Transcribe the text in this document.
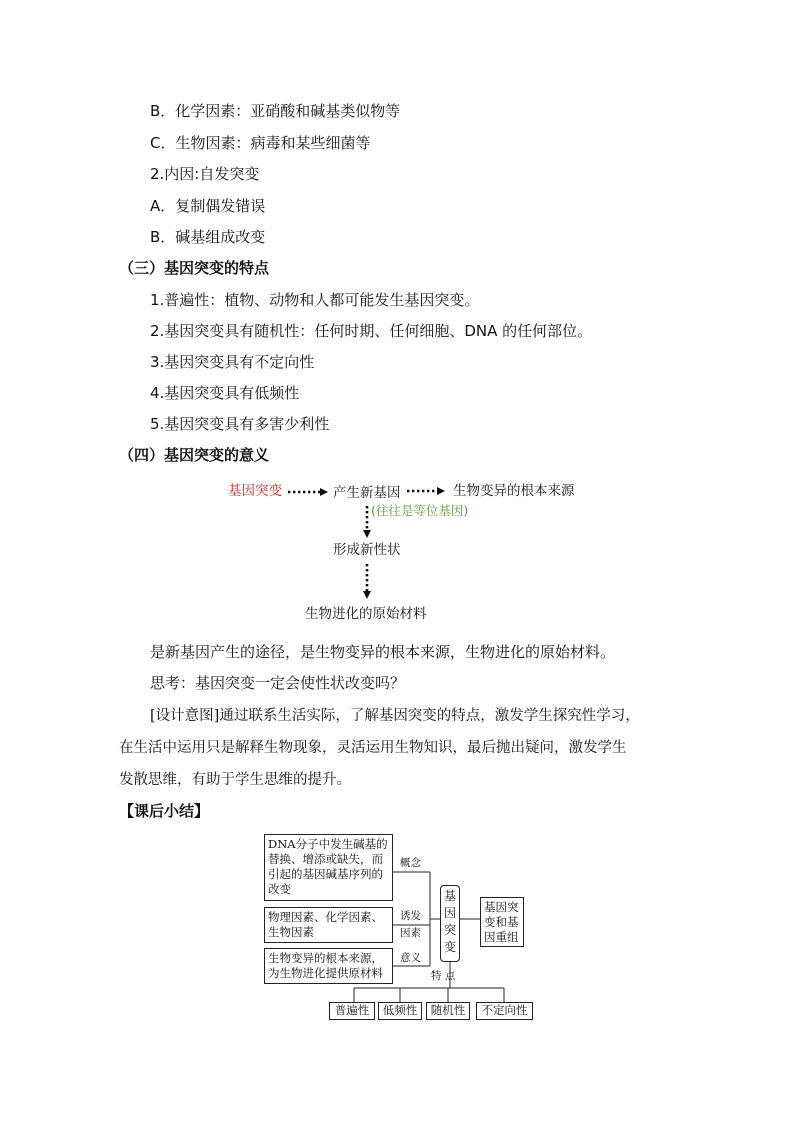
B．化学因素：亚硝酸和碱基类似物等
C．生物因素：病毒和某些细菌等
2.内因:自发突变
A．复制偶发错误
B．碱基组成改变
（三）基因突变的特点
1.普遍性：植物、动物和人都可能发生基因突变。
2.基因突变具有随机性：任何时期、任何细胞、DNA 的任何部位。
3.基因突变具有不定向性
4.基因突变具有低频性
5.基因突变具有多害少利性
（四）基因突变的意义
基因突变	产生新基因	生物变异的根本来源
(往往是等位基因)
形成新性状
生物进化的原始材料
是新基因产生的途径，是生物变异的根本来源，生物进化的原始材料。
思考：基因突变一定会使性状改变吗？
[设计意图]通过联系生活实际，了解基因突变的特点，激发学生探究性学习，
在生活中运用只是解释生物现象，灵活运用生物知识，最后抛出疑问，激发学生
发散思维，有助于学生思维的提升。
【课后小结】
DNA分子中发生碱基的替换、增添或缺失，而引起的基因碱基序列的改变
物理因素、化学因素、生物因素
生物变异的根本来源，为生物进化提供原材料
概念
诱发
因素
意义
基因突变
特 点
基因突变和基因重组
普遍性	低频性	随机性	不定向性
